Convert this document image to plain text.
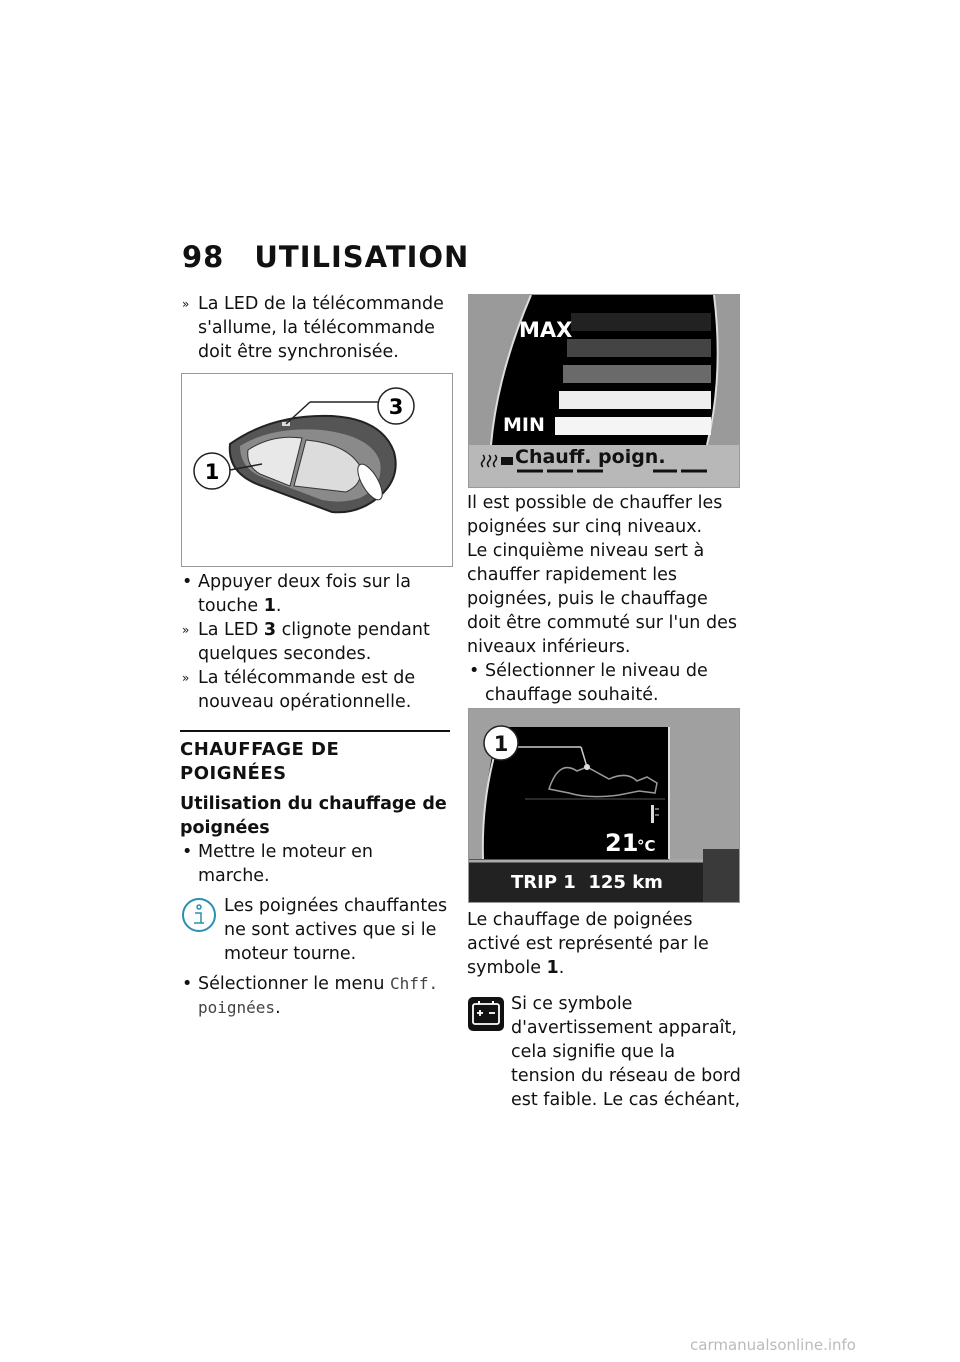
98 UTILISATION

» La LED de la télécommande s'allume, la télécommande doit être synchronisée.

3
1

• Appuyer deux fois sur la touche 1.

» La LED 3 clignote pendant quelques secondes.

» La télécommande est de nouveau opérationnelle.

CHAUFFAGE DE POIGNÉES

Utilisation du chauffage de poignées

• Mettre le moteur en marche.

Les poignées chauffantes ne sont actives que si le moteur tourne.

• Sélectionner le menu Chff. poignées.

MAX
MIN
Chauff. poign.

Il est possible de chauffer les poignées sur cinq niveaux.

Le cinquième niveau sert à chauffer rapidement les poignées, puis le chauffage doit être commuté sur l'un des niveaux inférieurs.

• Sélectionner le niveau de chauffage souhaité.

1
21
°C
TRIP 1  125 km

Le chauffage de poignées activé est représenté par le symbole 1.

Si ce symbole d'avertissement apparaît, cela signifie que la tension du réseau de bord est faible. Le cas échéant,
carmanualsonline.info
